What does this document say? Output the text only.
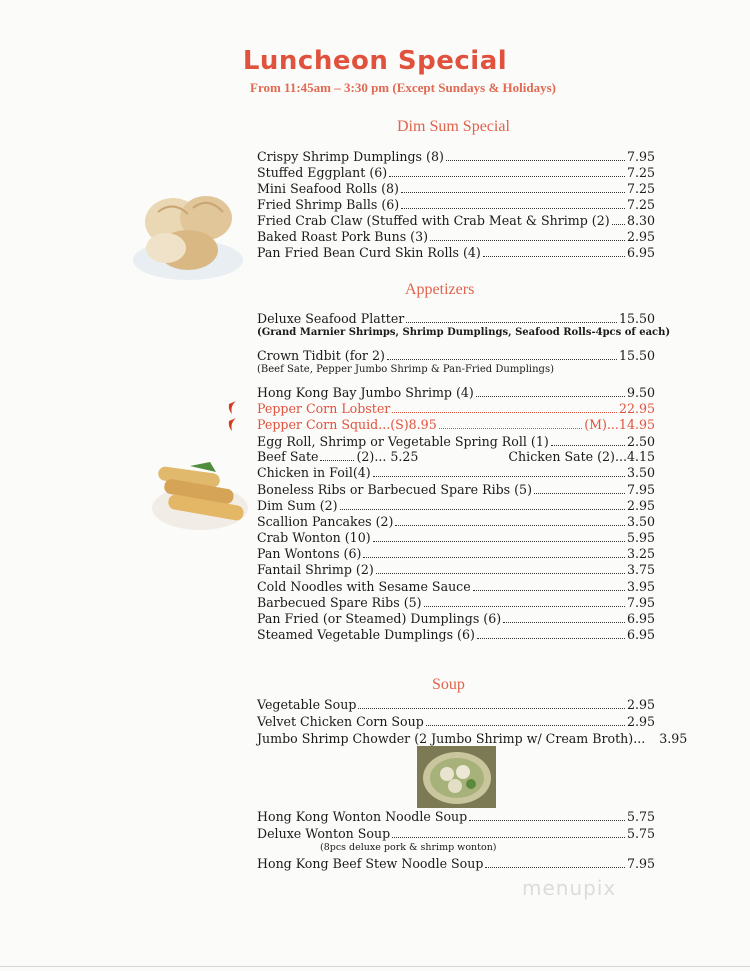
Luncheon Special
From 11:45am – 3:30 pm (Except Sundays & Holidays)
Dim Sum Special
Crispy Shrimp Dumplings (8)	7.95
Stuffed Eggplant (6)	7.25
Mini Seafood Rolls (8)	7.25
Fried Shrimp Balls (6)	7.25
Fried Crab Claw (Stuffed with Crab Meat & Shrimp (2) 8.30
Baked Roast Pork Buns (3)	2.95
Pan Fried Bean Curd Skin Rolls (4)	6.95
Appetizers
Deluxe Seafood Platter	15.50
(Grand Marnier Shrimps, Shrimp Dumplings, Seafood Rolls-4pcs of each)
Crown Tidbit (for 2)	15.50
(Beef Sate, Pepper Jumbo Shrimp & Pan-Fried Dumplings)
Hong Kong Bay Jumbo Shrimp (4)	9.50
Pepper Corn Lobster	22.95
Pepper Corn Squid...(S)8.95	(M)...14.95
Egg Roll, Shrimp or Vegetable Spring Roll (1)	2.50
Beef Sate	(2)... 5.25	Chicken Sate (2)... 4.15
Chicken in Foil(4)	3.50
Boneless Ribs or Barbecued Spare Ribs (5)	7.95
Dim Sum (2)	2.95
Scallion Pancakes (2)	3.50
Crab Wonton (10)	5.95
Pan Wontons (6)	3.25
Fantail Shrimp (2)	3.75
Cold Noodles with Sesame Sauce	3.95
Barbecued Spare Ribs (5)	7.95
Pan Fried (or Steamed) Dumplings (6)	6.95
Steamed Vegetable Dumplings (6)	6.95
Soup
Vegetable Soup	2.95
Velvet Chicken Corn Soup	2.95
Jumbo Shrimp Chowder (2 Jumbo Shrimp w/ Cream Broth)... 3.95
Hong Kong Wonton Noodle Soup	5.75
Deluxe Wonton Soup	5.75
(8pcs deluxe pork & shrimp wonton)
Hong Kong Beef Stew Noodle Soup	7.95
menupix
